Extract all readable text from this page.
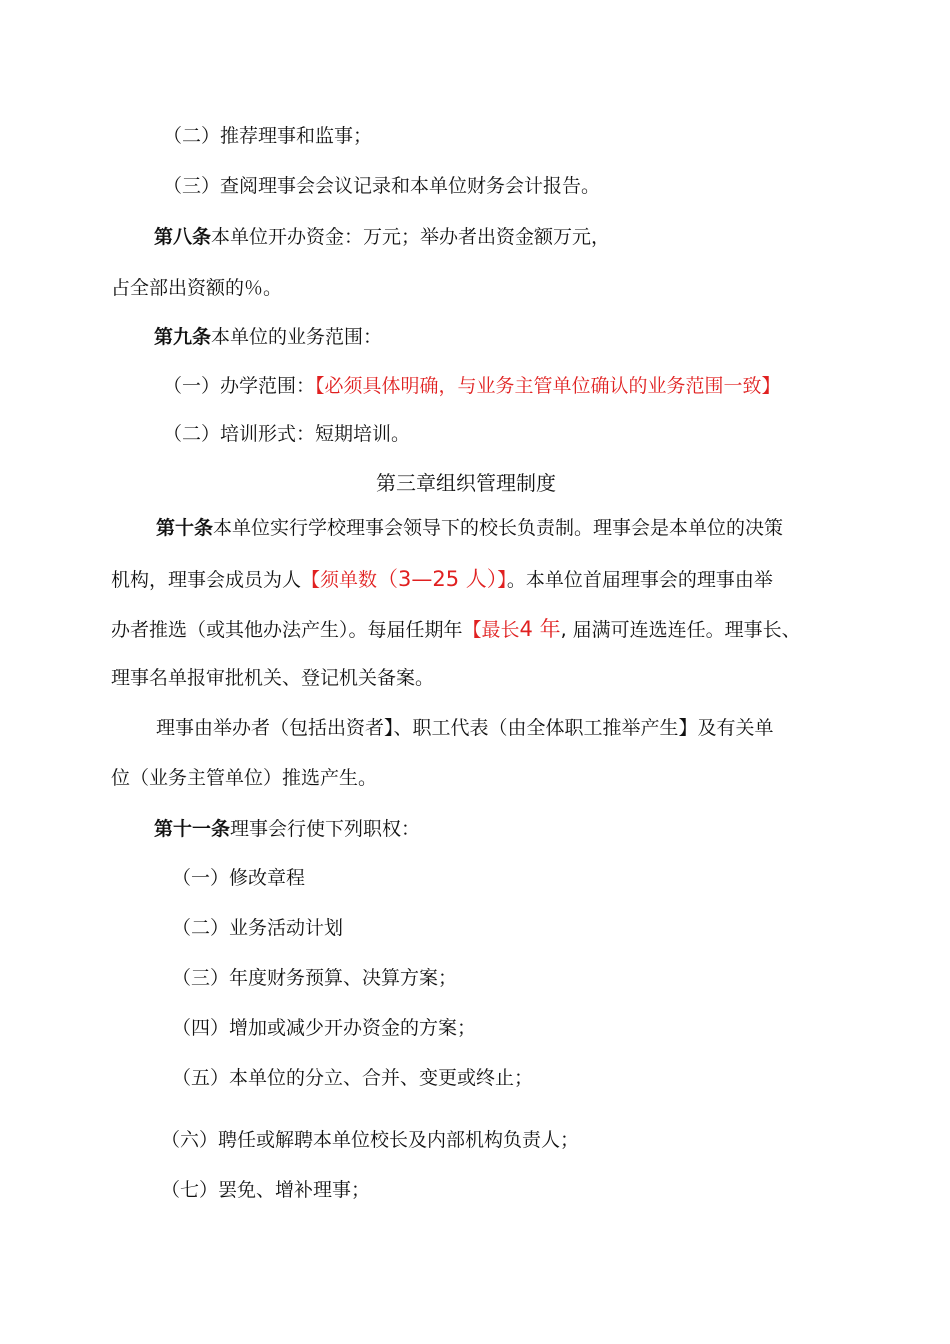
（二）推荐理事和监事；
（三）查阅理事会会议记录和本单位财务会计报告。
第八条本单位开办资金：万元；举办者出资金额万元，
占全部出资额的％。
第九条本单位的业务范围：
（一）办学范围：【必须具体明确，与业务主管单位确认的业务范围一致】
（二）培训形式：短期培训。
第三章组织管理制度
第十条本单位实行学校理事会领导下的校长负责制。理事会是本单位的决策
机构，理事会成员为人【须单数（3—25 人）】。本单位首届理事会的理事由举
办者推选（或其他办法产生）。每届任期年【最长4 年, 届满可连选连任。理事长、
理事名单报审批机关、登记机关备案。
理事由举办者（包括出资者】、职工代表（由全体职工推举产生】及有关单
位（业务主管单位）推选产生。
第十一条理事会行使下列职权：
（一）修改章程
（二）业务活动计划
（三）年度财务预算、决算方案；
（四）增加或减少开办资金的方案；
（五）本单位的分立、合并、变更或终止；
（六）聘任或解聘本单位校长及内部机构负责人；
（七）罢免、增补理事；
